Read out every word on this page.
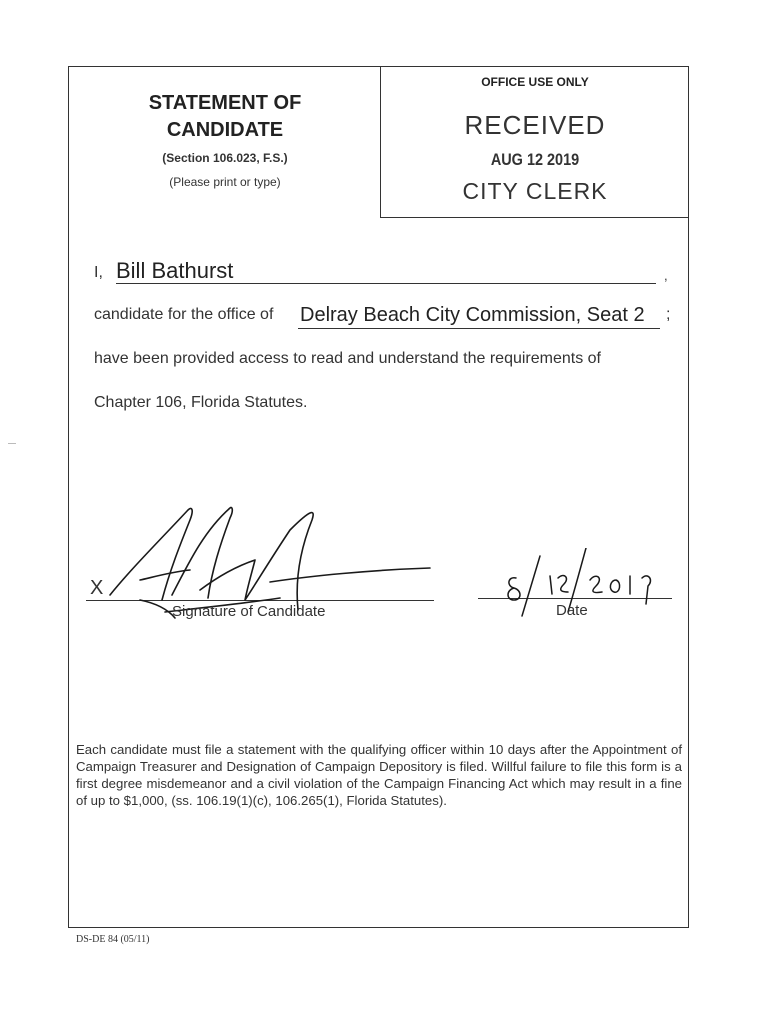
STATEMENT OF
CANDIDATE
(Section 106.023, F.S.)
(Please print or type)
OFFICE USE ONLY
RECEIVED
AUG 12 2019
CITY CLERK
I, Bill Bathurst	,
candidate for the office of Delray Beach City Commission, Seat 2 ;
have been provided access to read and understand the requirements of
Chapter 106, Florida Statutes.
X
Signature of Candidate	Date
Each candidate must file a statement with the qualifying officer within 10 days after the Appointment of Campaign Treasurer and Designation of Campaign Depository is filed. Willful failure to file this form is a first degree misdemeanor and a civil violation of the Campaign Financing Act which may result in a fine of up to $1,000, (ss. 106.19(1)(c), 106.265(1), Florida Statutes).
DS-DE 84 (05/11)
